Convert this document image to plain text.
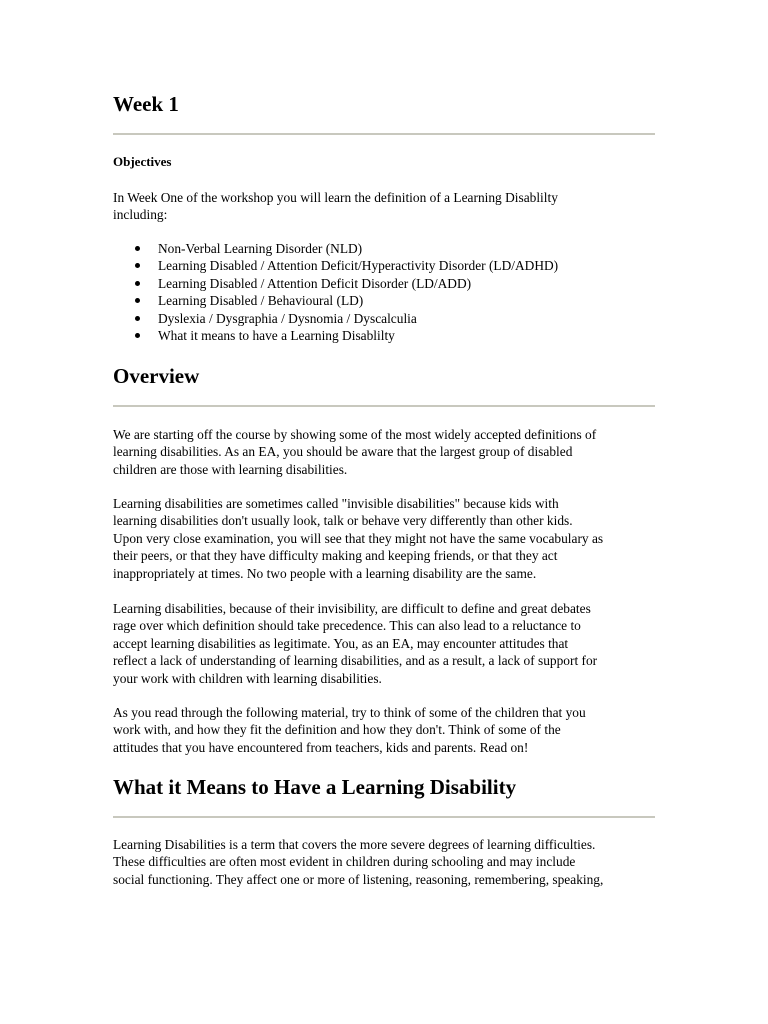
Week 1
Objectives

In Week One of the workshop you will learn the definition of a Learning Disablilty

including:

Non-Verbal Learning Disorder (NLD)
Learning Disabled / Attention Deficit/Hyperactivity Disorder (LD/ADHD)
Learning Disabled / Attention Deficit Disorder (LD/ADD)
Learning Disabled / Behavioural (LD)
Dyslexia / Dysgraphia / Dysnomia / Dyscalculia
What it means to have a Learning Disablilty
Overview

We are starting off the course by showing some of the most widely accepted definitions of

learning disabilities. As an EA, you should be aware that the largest group of disabled

children are those with learning disabilities.

Learning disabilities are sometimes called "invisible disabilities" because kids with

learning disabilities don't usually look, talk or behave very differently than other kids.

Upon very close examination, you will see that they might not have the same vocabulary as

their peers, or that they have difficulty making and keeping friends, or that they act

inappropriately at times. No two people with a learning disability are the same.

Learning disabilities, because of their invisibility, are difficult to define and great debates

rage over which definition should take precedence. This can also lead to a reluctance to

accept learning disabilities as legitimate. You, as an EA, may encounter attitudes that

reflect a lack of understanding of learning disabilities, and as a result, a lack of support for

your work with children with learning disabilities.

As you read through the following material, try to think of some of the children that you

work with, and how they fit the definition and how they don't. Think of some of the

attitudes that you have encountered from teachers, kids and parents. Read on!

What it Means to Have a Learning Disability

Learning Disabilities is a term that covers the more severe degrees of learning difficulties.

These difficulties are often most evident in children during schooling and may include

social functioning. They affect one or more of listening, reasoning, remembering, speaking,
